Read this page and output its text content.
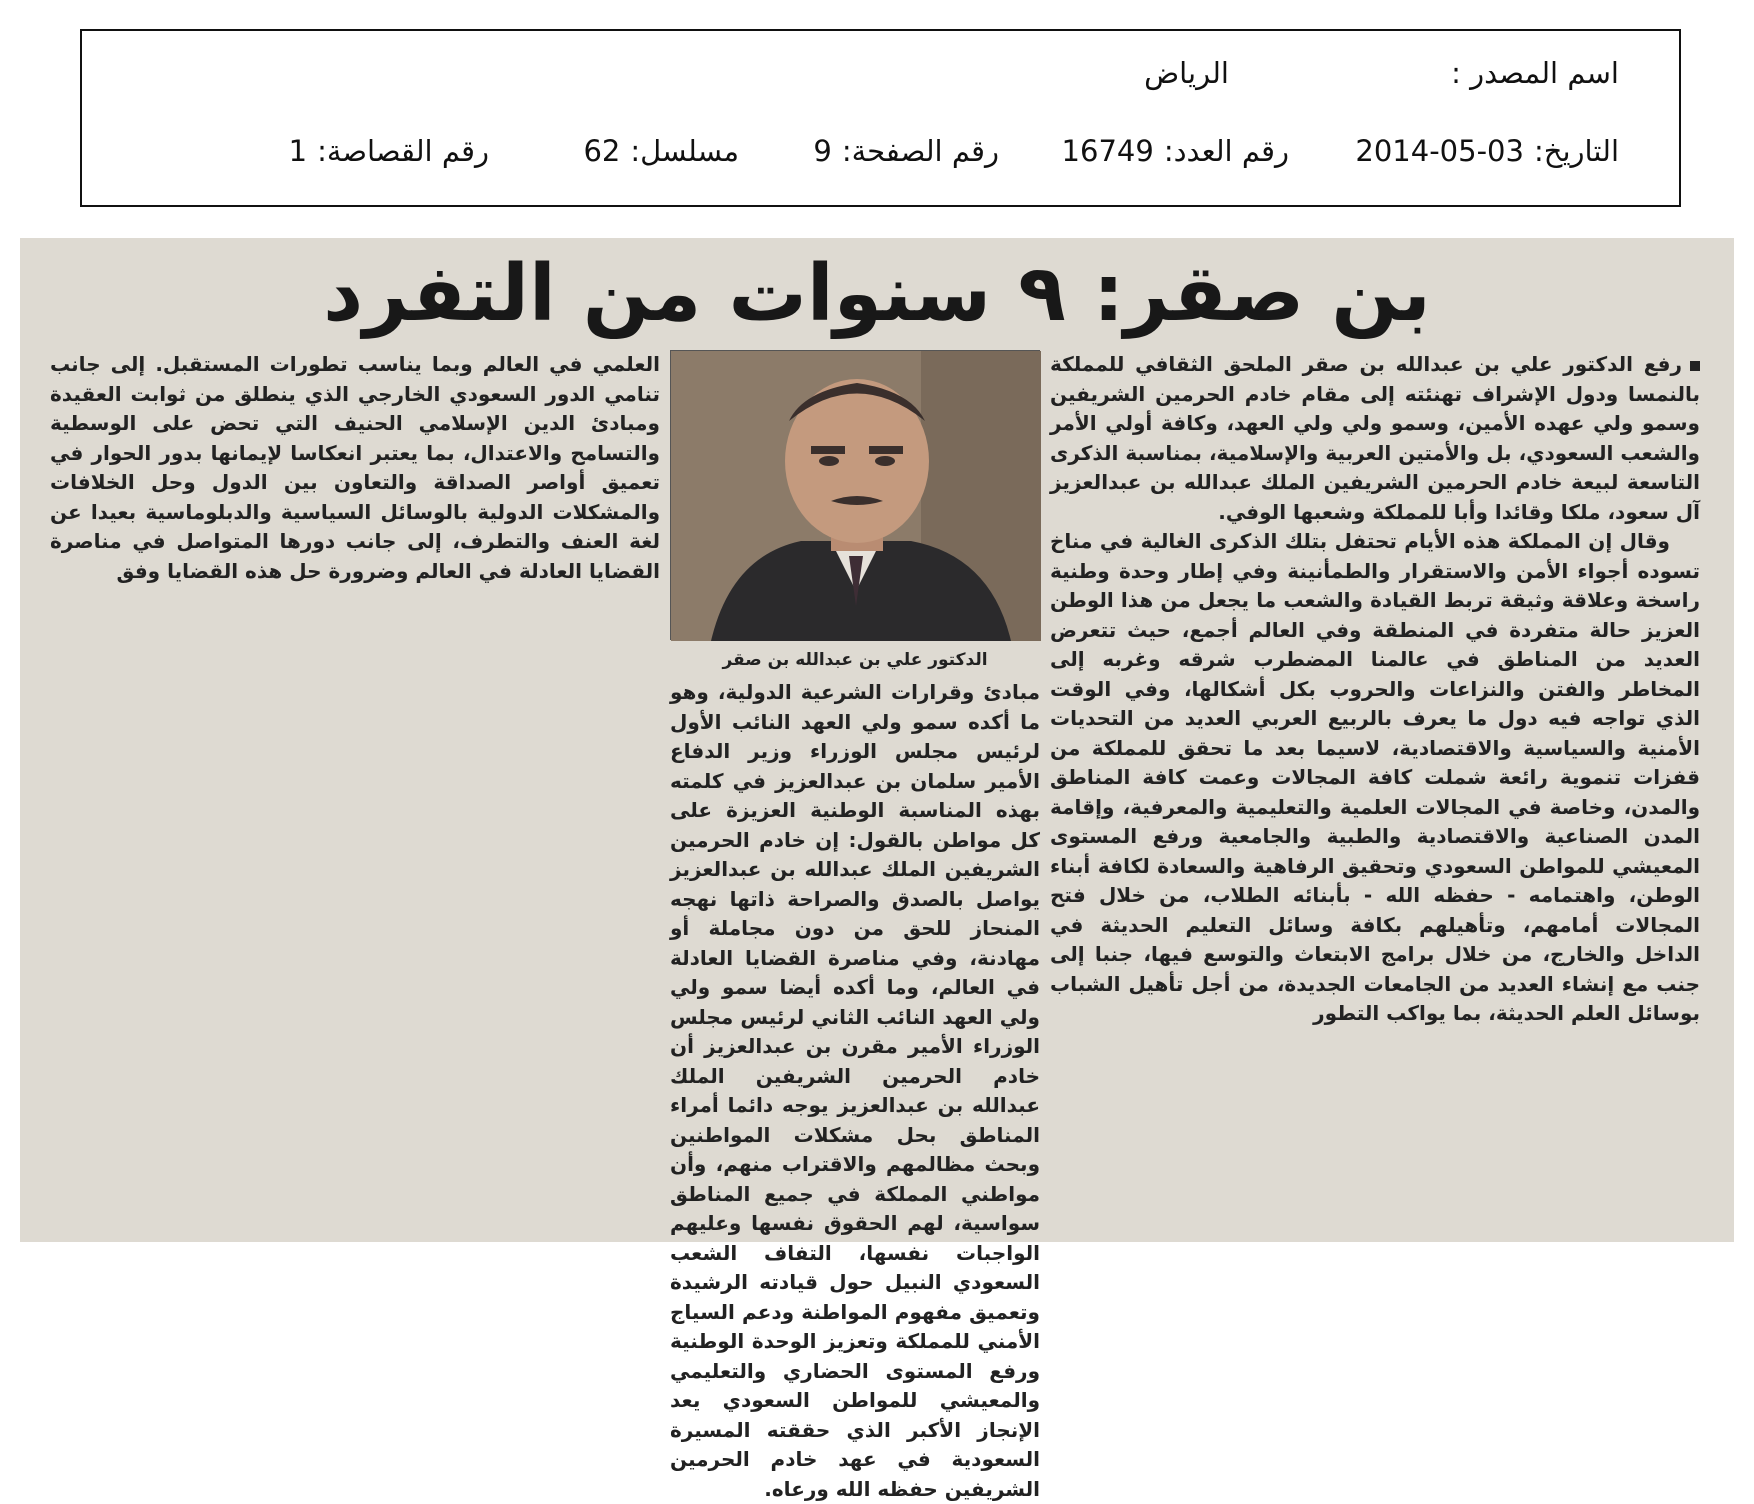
اسم المصدر :
الرياض
التاريخ:2014-05-03
رقم العدد:16749
رقم الصفحة:9
مسلسل:62
رقم القصاصة:1
بن صقر: ٩ سنوات من التفرد

رفع الدكتور علي بن عبدالله بن صقر الملحق الثقافي للمملكة بالنمسا ودول الإشراف تهنئته إلى مقام خادم الحرمين الشريفين وسمو ولي عهده الأمين، وسمو ولي ولي العهد، وكافة أولي الأمر والشعب السعودي، بل والأمتين العربية والإسلامية، بمناسبة الذكرى التاسعة لبيعة خادم الحرمين الشريفين الملك عبدالله بن عبدالعزيز آل سعود، ملكا وقائدا وأبا للمملكة وشعبها الوفي.

وقال إن المملكة هذه الأيام تحتفل بتلك الذكرى الغالية في مناخ تسوده أجواء الأمن والاستقرار والطمأنينة وفي إطار وحدة وطنية راسخة وعلاقة وثيقة تربط القيادة والشعب ما يجعل من هذا الوطن العزيز حالة متفردة في المنطقة وفي العالم أجمع، حيث تتعرض العديد من المناطق في عالمنا المضطرب شرقه وغربه إلى المخاطر والفتن والنزاعات والحروب بكل أشكالها، وفي الوقت الذي تواجه فيه دول ما يعرف بالربيع العربي العديد من التحديات الأمنية والسياسية والاقتصادية، لاسيما بعد ما تحقق للمملكة من قفزات تنموية رائعة شملت كافة المجالات وعمت كافة المناطق والمدن، وخاصة في المجالات العلمية والتعليمية والمعرفية، وإقامة المدن الصناعية والاقتصادية والطبية والجامعية ورفع المستوى المعيشي للمواطن السعودي وتحقيق الرفاهية والسعادة لكافة أبناء الوطن، واهتمامه - حفظه الله - بأبنائه الطلاب، من خلال فتح المجالات أمامهم، وتأهيلهم بكافة وسائل التعليم الحديثة في الداخل والخارج، من خلال برامج الابتعاث والتوسع فيها، جنبا إلى جنب مع إنشاء العديد من الجامعات الجديدة، من أجل تأهيل الشباب بوسائل العلم الحديثة، بما يواكب التطور

الدكتور علي بن عبدالله بن صقر
مبادئ وقرارات الشرعية الدولية، وهو ما أكده سمو ولي العهد النائب الأول لرئيس مجلس الوزراء وزير الدفاع الأمير سلمان بن عبدالعزيز في كلمته بهذه المناسبة الوطنية العزيزة على كل مواطن بالقول: إن خادم الحرمين الشريفين الملك عبدالله بن عبدالعزيز يواصل بالصدق والصراحة ذاتها نهجه المنحاز للحق من دون مجاملة أو مهادنة، وفي مناصرة القضايا العادلة في العالم، وما أكده أيضا سمو ولي ولي العهد النائب الثاني لرئيس مجلس الوزراء الأمير مقرن بن عبدالعزيز أن خادم الحرمين الشريفين الملك عبدالله بن عبدالعزيز يوجه دائما أمراء المناطق بحل مشكلات المواطنين وبحث مظالمهم والاقتراب منهم، وأن مواطني المملكة في جميع المناطق سواسية، لهم الحقوق نفسها وعليهم الواجبات نفسها، التفاف الشعب السعودي النبيل حول قيادته الرشيدة وتعميق مفهوم المواطنة ودعم السياج الأمني للمملكة وتعزيز الوحدة الوطنية ورفع المستوى الحضاري والتعليمي والمعيشي للمواطن السعودي يعد الإنجاز الأكبر الذي حققته المسيرة السعودية في عهد خادم الحرمين الشريفين حفظه الله ورعاه.
العلمي في العالم وبما يناسب تطورات المستقبل. إلى جانب تنامي الدور السعودي الخارجي الذي ينطلق من ثوابت العقيدة ومبادئ الدين الإسلامي الحنيف التي تحض على الوسطية والتسامح والاعتدال، بما يعتبر انعكاسا لإيمانها بدور الحوار في تعميق أواصر الصداقة والتعاون بين الدول وحل الخلافات والمشكلات الدولية بالوسائل السياسية والدبلوماسية بعيدا عن لغة العنف والتطرف، إلى جانب دورها المتواصل في مناصرة القضايا العادلة في العالم وضرورة حل هذه القضايا وفق
